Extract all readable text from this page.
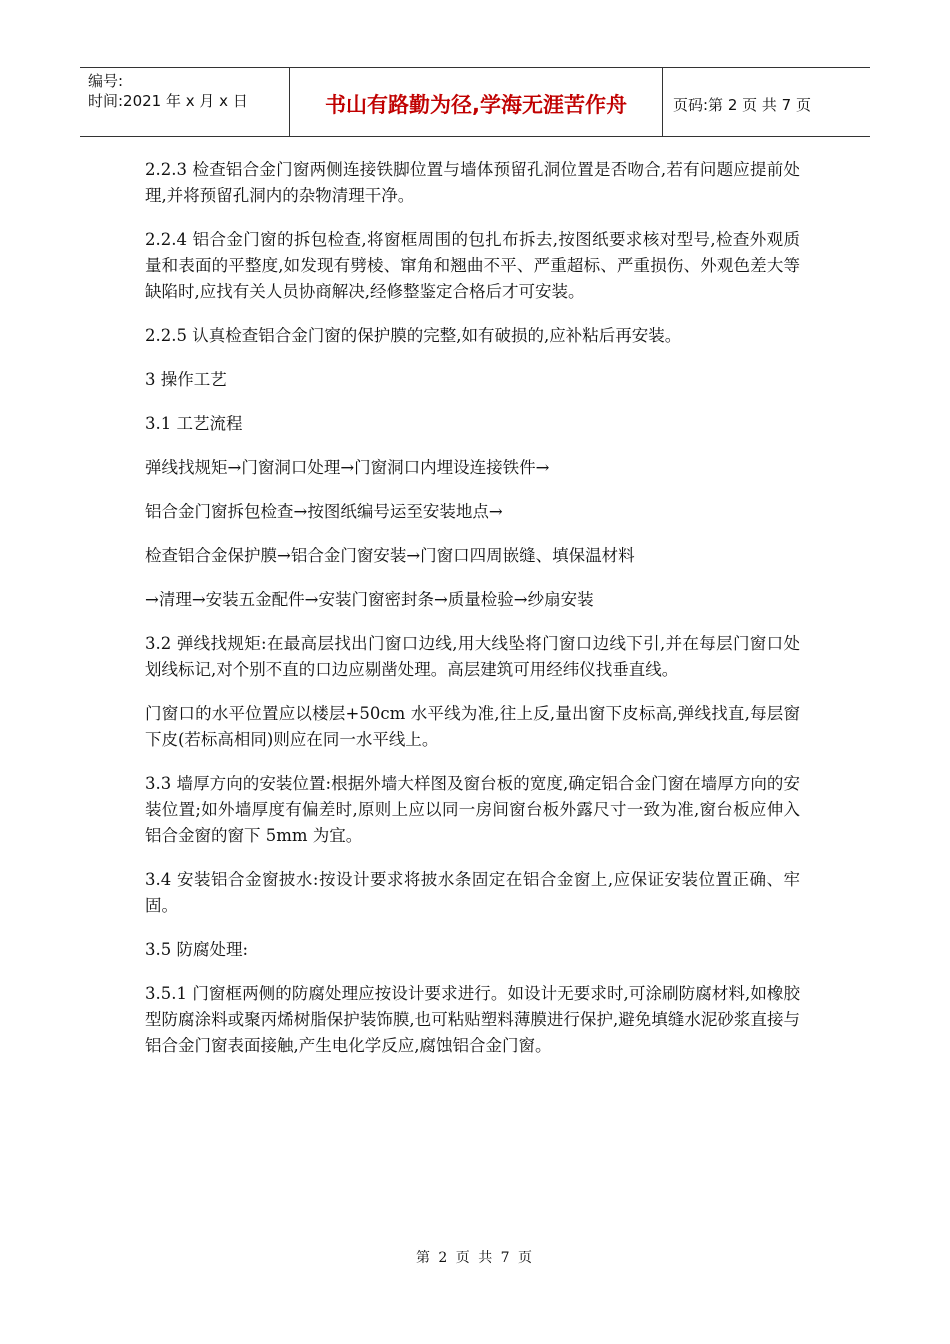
编号:
时间:2021 年 x 月 x 日	书山有路勤为径,学海无涯苦作舟	页码:第 2 页 共 7 页

2.2.3 检查铝合金门窗两侧连接铁脚位置与墙体预留孔洞位置是否吻合,若有问题应提前处理,并将预留孔洞内的杂物清理干净。

2.2.4 铝合金门窗的拆包检查,将窗框周围的包扎布拆去,按图纸要求核对型号,检查外观质量和表面的平整度,如发现有劈棱、窜角和翘曲不平、严重超标、严重损伤、外观色差大等缺陷时,应找有关人员协商解决,经修整鉴定合格后才可安装。

2.2.5 认真检查铝合金门窗的保护膜的完整,如有破损的,应补粘后再安装。

3 操作工艺

3.1 工艺流程

弹线找规矩→门窗洞口处理→门窗洞口内埋设连接铁件→

铝合金门窗拆包检查→按图纸编号运至安装地点→

检查铝合金保护膜→铝合金门窗安装→门窗口四周嵌缝、填保温材料

→清理→安装五金配件→安装门窗密封条→质量检验→纱扇安装

3.2 弹线找规矩:在最高层找出门窗口边线,用大线坠将门窗口边线下引,并在每层门窗口处划线标记,对个别不直的口边应剔凿处理。高层建筑可用经纬仪找垂直线。

门窗口的水平位置应以楼层+50cm 水平线为准,往上反,量出窗下皮标高,弹线找直,每层窗下皮(若标高相同)则应在同一水平线上。

3.3 墙厚方向的安装位置:根据外墙大样图及窗台板的宽度,确定铝合金门窗在墙厚方向的安装位置;如外墙厚度有偏差时,原则上应以同一房间窗台板外露尺寸一致为准,窗台板应伸入铝合金窗的窗下 5mm 为宜。

3.4 安装铝合金窗披水:按设计要求将披水条固定在铝合金窗上,应保证安装位置正确、牢固。

3.5 防腐处理:

3.5.1 门窗框两侧的防腐处理应按设计要求进行。如设计无要求时,可涂刷防腐材料,如橡胶型防腐涂料或聚丙烯树脂保护装饰膜,也可粘贴塑料薄膜进行保护,避免填缝水泥砂浆直接与铝合金门窗表面接触,产生电化学反应,腐蚀铝合金门窗。

第 2 页 共 7 页
